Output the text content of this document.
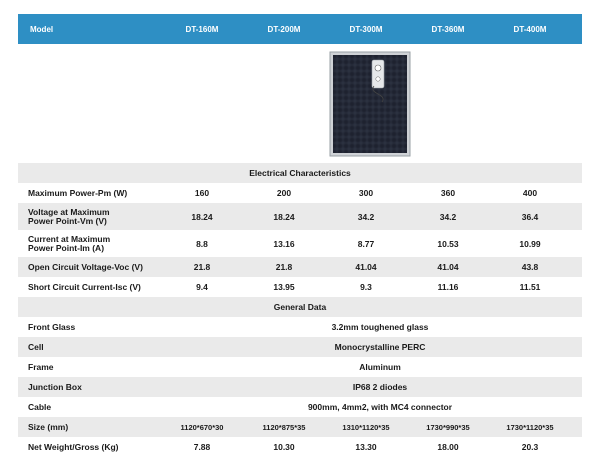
Model	DT-160M	DT-200M	DT-300M	DT-360M	DT-400M
Electrical Characteristics
Maximum Power-Pm (W)	160	200	300	360	400
Voltage at Maximum
Power Point-Vm (V)	18.24	18.24	34.2	34.2	36.4
Current at Maximum
Power Point-Im (A)	8.8	13.16	8.77	10.53	10.99
Open Circuit Voltage-Voc (V)	21.8	21.8	41.04	41.04	43.8
Short Circuit Current-Isc (V)	9.4	13.95	9.3	11.16	11.51
General Data
Front Glass	3.2mm toughened glass
Cell	Monocrystalline PERC
Frame	Aluminum
Junction Box	IP68 2 diodes
Cable	900mm, 4mm2, with MC4 connector
Size (mm)	1120*670*30	1120*875*35	1310*1120*35	1730*990*35	1730*1120*35
Net Weight/Gross (Kg)	7.88	10.30	13.30	18.00	20.3
